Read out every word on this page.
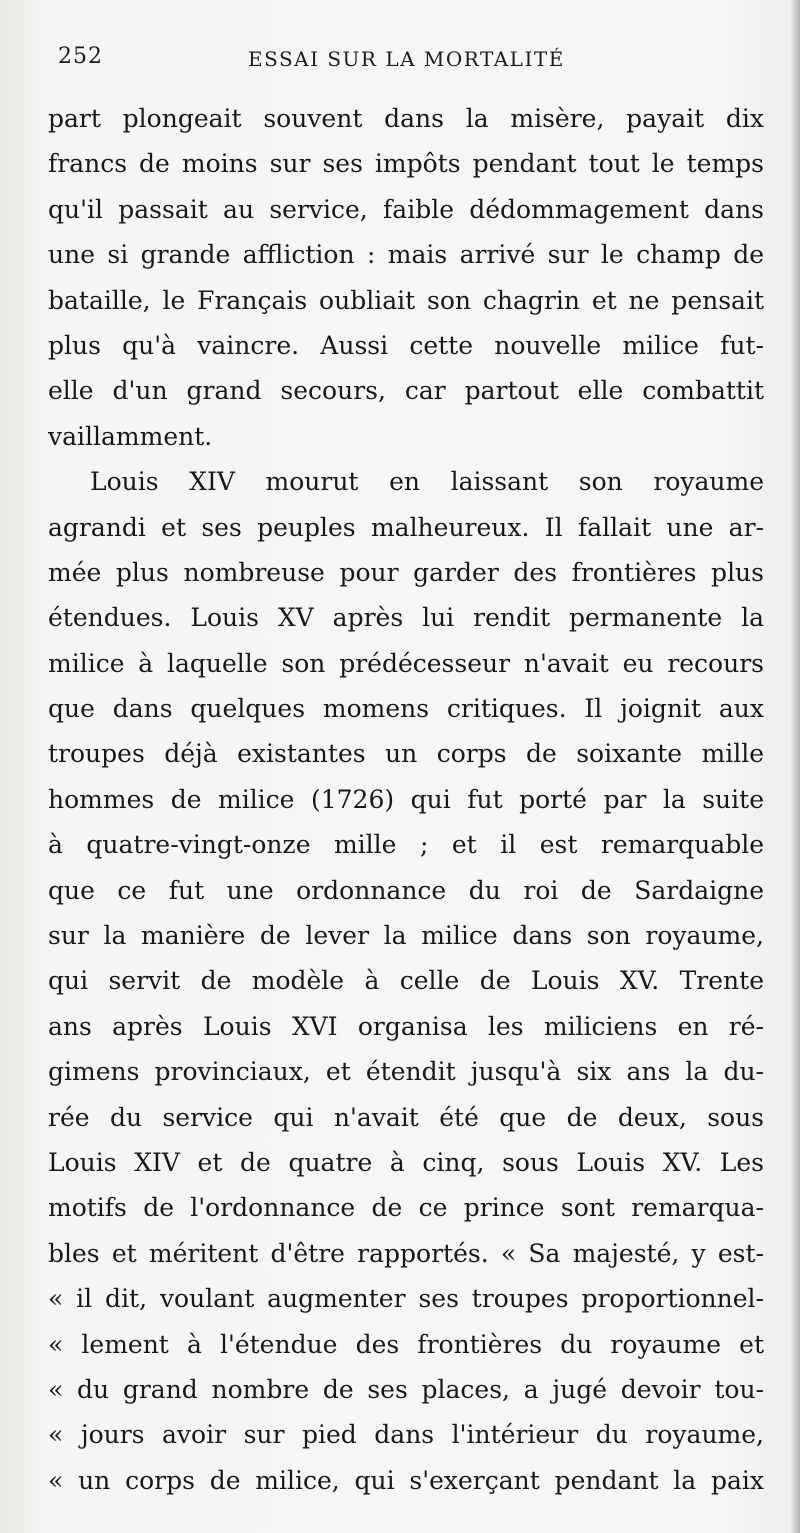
252	ESSAI SUR LA MORTALITÉ
part plongeait souvent dans la misère, payait dix
francs de moins sur ses impôts pendant tout le temps
qu'il passait au service, faible dédommagement dans
une si grande affliction : mais arrivé sur le champ de
bataille, le Français oubliait son chagrin et ne pensait
plus qu'à vaincre. Aussi cette nouvelle milice fut-
elle d'un grand secours, car partout elle combattit
vaillamment.
Louis XIV mourut en laissant son royaume
agrandi et ses peuples malheureux. Il fallait une ar-
mée plus nombreuse pour garder des frontières plus
étendues. Louis XV après lui rendit permanente la
milice à laquelle son prédécesseur n'avait eu recours
que dans quelques momens critiques. Il joignit aux
troupes déjà existantes un corps de soixante mille
hommes de milice (1726) qui fut porté par la suite
à quatre-vingt-onze mille ; et il est remarquable
que ce fut une ordonnance du roi de Sardaigne
sur la manière de lever la milice dans son royaume,
qui servit de modèle à celle de Louis XV. Trente
ans après Louis XVI organisa les miliciens en ré-
gimens provinciaux, et étendit jusqu'à six ans la du-
rée du service qui n'avait été que de deux, sous
Louis XIV et de quatre à cinq, sous Louis XV. Les
motifs de l'ordonnance de ce prince sont remarqua-
bles et méritent d'être rapportés. « Sa majesté, y est-
« il dit, voulant augmenter ses troupes proportionnel-
« lement à l'étendue des frontières du royaume et
« du grand nombre de ses places, a jugé devoir tou-
« jours avoir sur pied dans l'intérieur du royaume,
« un corps de milice, qui s'exerçant pendant la paix
